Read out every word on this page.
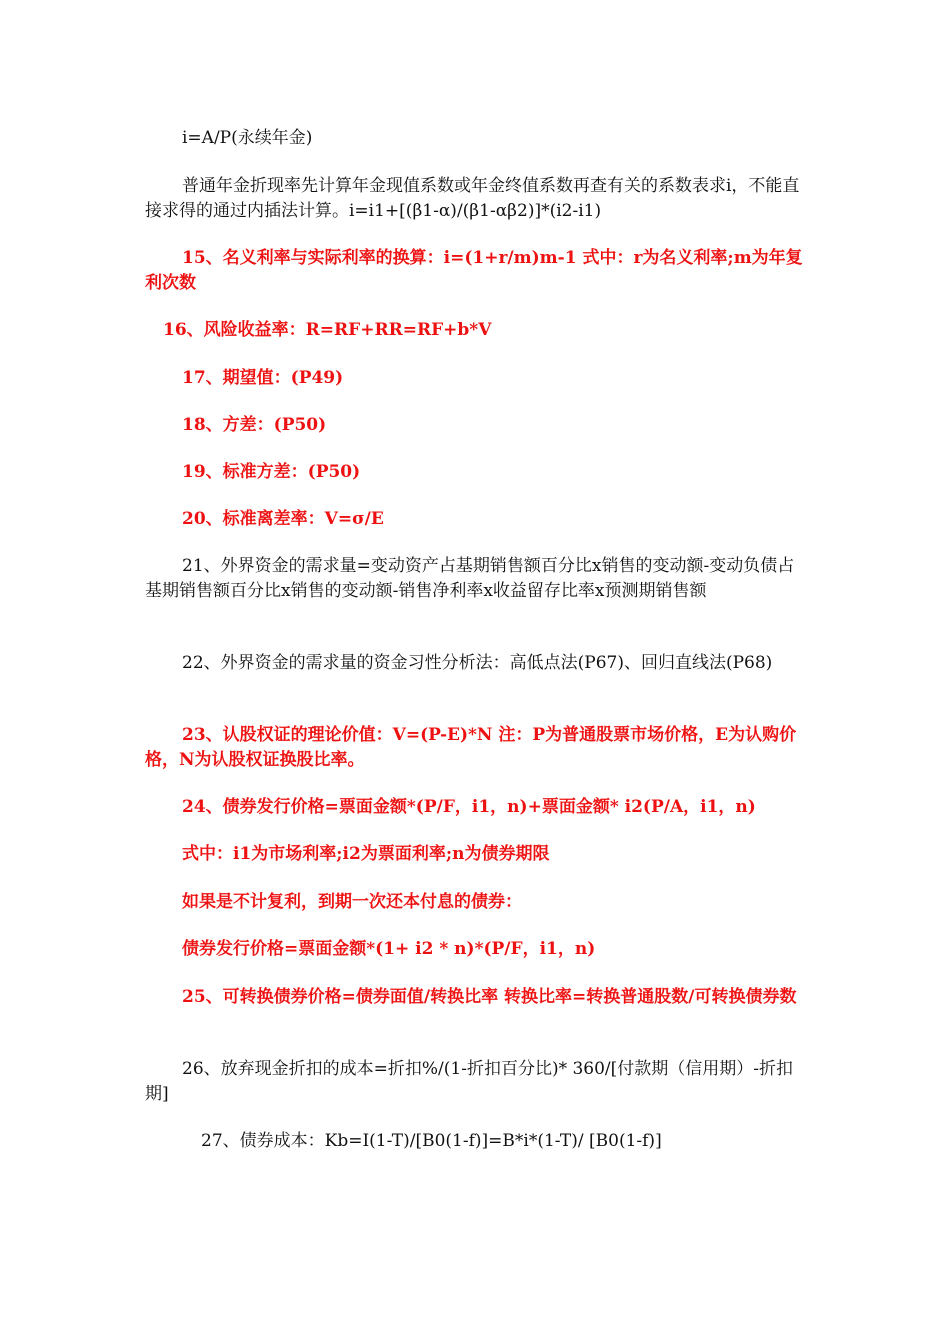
i=A/P(永续年金)

普通年金折现率先计算年金现值系数或年金终值系数再查有关的系数表求i，不能直接求得的通过内插法计算。i=i1+[(β1-α)/(β1-αβ2)]*(i2-i1)

15、名义利率与实际利率的换算：i=(1+r/m)m-1 式中：r为名义利率;m为年复利次数

16、风险收益率：R=RF+RR=RF+b*V

17、期望值：(P49)

18、方差：(P50)

19、标准方差：(P50)

20、标准离差率：V=σ/E

21、外界资金的需求量=变动资产占基期销售额百分比x销售的变动额-变动负债占基期销售额百分比x销售的变动额-销售净利率x收益留存比率x预测期销售额

22、外界资金的需求量的资金习性分析法：高低点法(P67)、回归直线法(P68)

23、认股权证的理论价值：V=(P-E)*N 注：P为普通股票市场价格，E为认购价格，N为认股权证换股比率。

24、债券发行价格=票面金额*(P/F，i1，n)+票面金额* i2(P/A，i1，n)

式中：i1为市场利率;i2为票面利率;n为债券期限

如果是不计复利，到期一次还本付息的债券：

债券发行价格=票面金额*(1+ i2 * n)*(P/F，i1，n)

25、可转换债券价格=债券面值/转换比率 转换比率=转换普通股数/可转换债券数

26、放弃现金折扣的成本=折扣%/(1-折扣百分比)* 360/[付款期（信用期）-折扣期]

27、债券成本：Kb=I(1-T)/[B0(1-f)]=B*i*(1-T)/ [B0(1-f)]
